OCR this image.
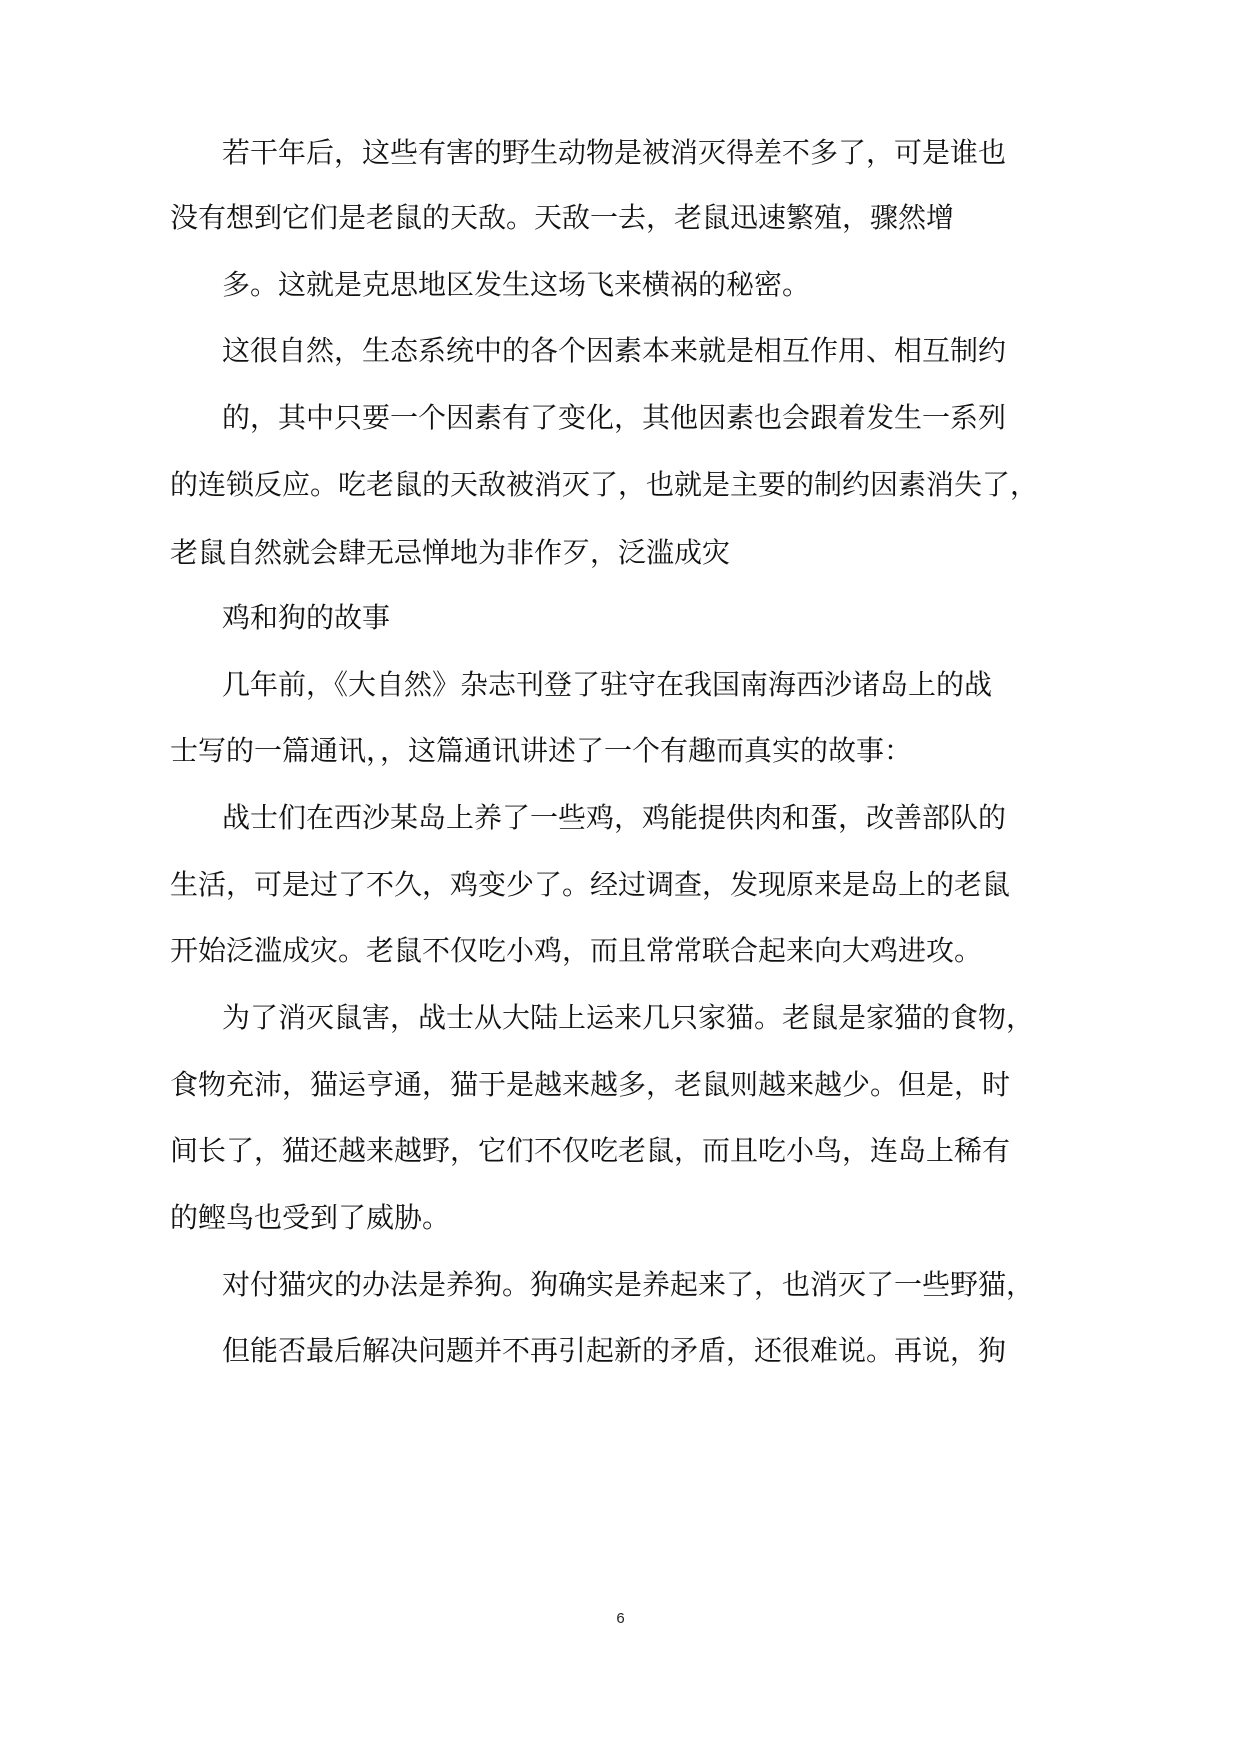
若干年后，这些有害的野生动物是被消灭得差不多了，可是谁也
没有想到它们是老鼠的天敌。天敌一去，老鼠迅速繁殖，骤然增
多。这就是克思地区发生这场飞来横祸的秘密。
这很自然，生态系统中的各个因素本来就是相互作用、相互制约
的，其中只要一个因素有了变化，其他因素也会跟着发生一系列
的连锁反应。吃老鼠的天敌被消灭了，也就是主要的制约因素消失了，
老鼠自然就会肆无忌惮地为非作歹，泛滥成灾
鸡和狗的故事
几年前，《大自然》杂志刊登了驻守在我国南海西沙诸岛上的战
士写的一篇通讯，，这篇通讯讲述了一个有趣而真实的故事：
战士们在西沙某岛上养了一些鸡，鸡能提供肉和蛋，改善部队的
生活，可是过了不久，鸡变少了。经过调查，发现原来是岛上的老鼠
开始泛滥成灾。老鼠不仅吃小鸡，而且常常联合起来向大鸡进攻。
为了消灭鼠害，战士从大陆上运来几只家猫。老鼠是家猫的食物，
食物充沛，猫运亨通，猫于是越来越多，老鼠则越来越少。但是，时
间长了，猫还越来越野，它们不仅吃老鼠，而且吃小鸟，连岛上稀有
的鲣鸟也受到了威胁。
对付猫灾的办法是养狗。狗确实是养起来了，也消灭了一些野猫，
但能否最后解决问题并不再引起新的矛盾，还很难说。再说，狗
6
